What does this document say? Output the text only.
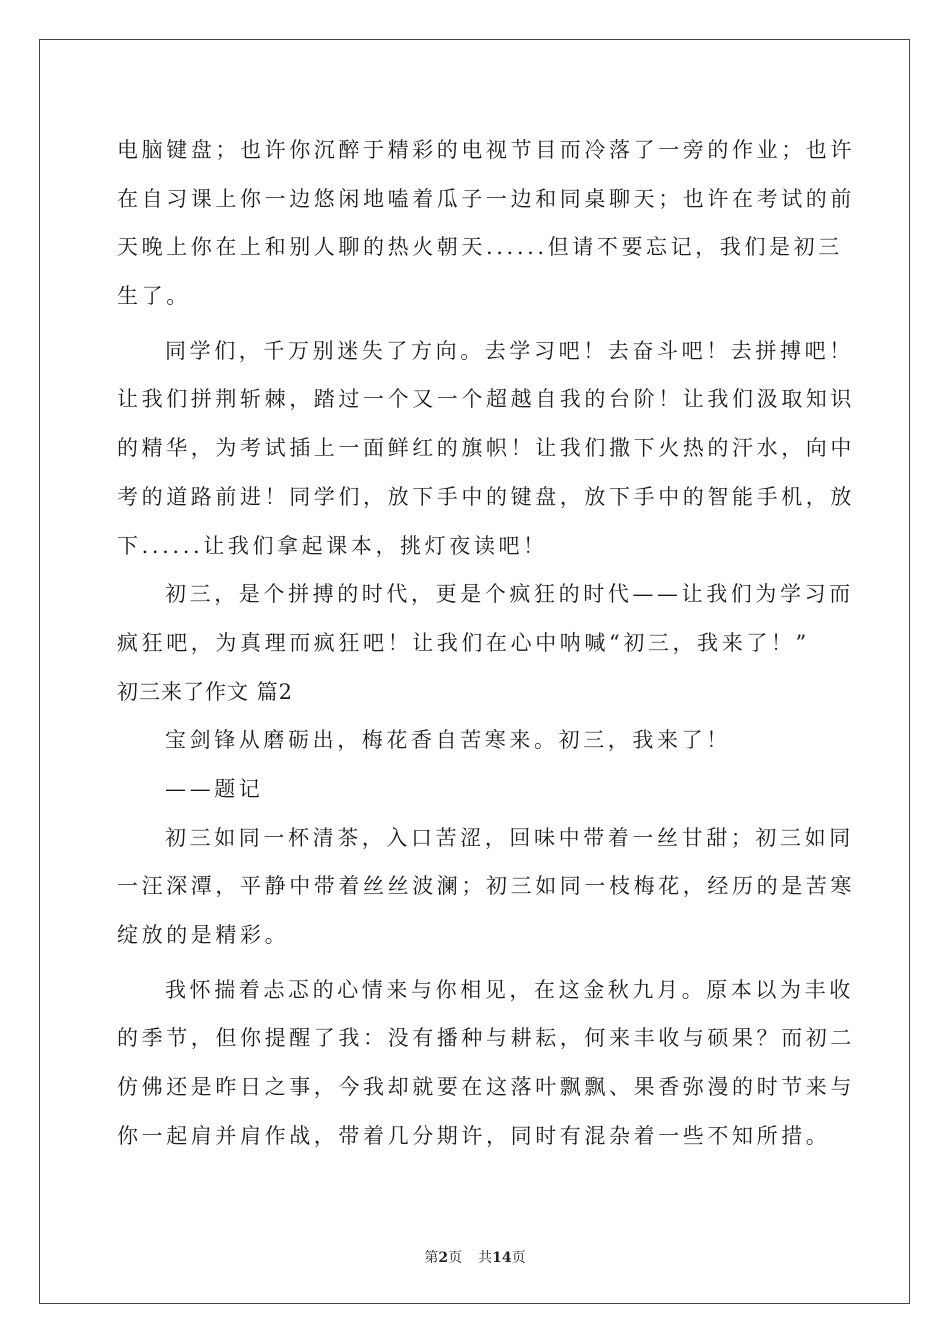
电脑键盘；也许你沉醉于精彩的电视节目而冷落了一旁的作业；也许
在自习课上你一边悠闲地嗑着瓜子一边和同桌聊天；也许在考试的前
天晚上你在上和别人聊的热火朝天......但请不要忘记，我们是初三
生了。
同学们，千万别迷失了方向。去学习吧！去奋斗吧！去拼搏吧！
让我们拼荆斩棘，踏过一个又一个超越自我的台阶！让我们汲取知识
的精华，为考试插上一面鲜红的旗帜！让我们撒下火热的汗水，向中
考的道路前进！同学们，放下手中的键盘，放下手中的智能手机，放
下......让我们拿起课本，挑灯夜读吧！
初三，是个拼搏的时代，更是个疯狂的时代——让我们为学习而
疯狂吧，为真理而疯狂吧！让我们在心中呐喊“初三，我来了！”
初三来了作文 篇2
宝剑锋从磨砺出，梅花香自苦寒来。初三，我来了！
——题记
初三如同一杯清茶，入口苦涩，回味中带着一丝甘甜；初三如同
一汪深潭，平静中带着丝丝波澜；初三如同一枝梅花，经历的是苦寒
绽放的是精彩。
我怀揣着忐忑的心情来与你相见，在这金秋九月。原本以为丰收
的季节，但你提醒了我：没有播种与耕耘，何来丰收与硕果？而初二
仿佛还是昨日之事，今我却就要在这落叶飘飘、果香弥漫的时节来与
你一起肩并肩作战，带着几分期许，同时有混杂着一些不知所措。
第2页 共14页
